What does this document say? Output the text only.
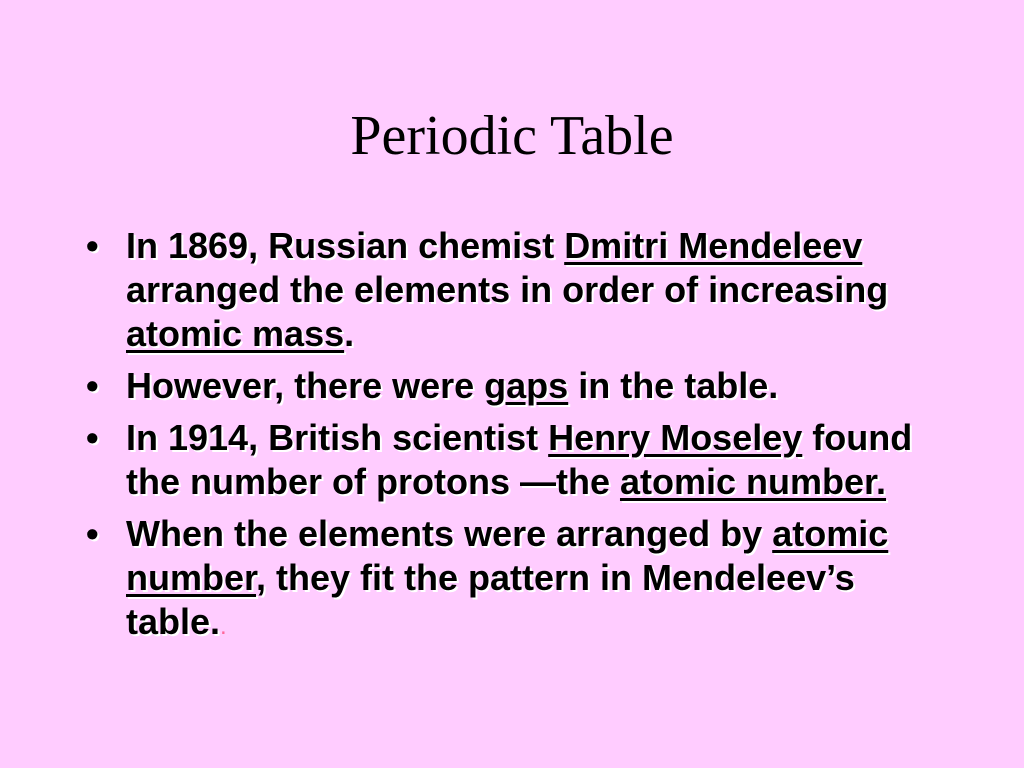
Periodic Table
• In 1869, Russian chemist Dmitri Mendeleev arranged the elements in order of increasing atomic mass.
• However, there were gaps in the table.
• In 1914, British scientist Henry Moseley found the number of protons —the atomic number.
• When the elements were arranged by atomic number, they fit the pattern in Mendeleev’s table..
